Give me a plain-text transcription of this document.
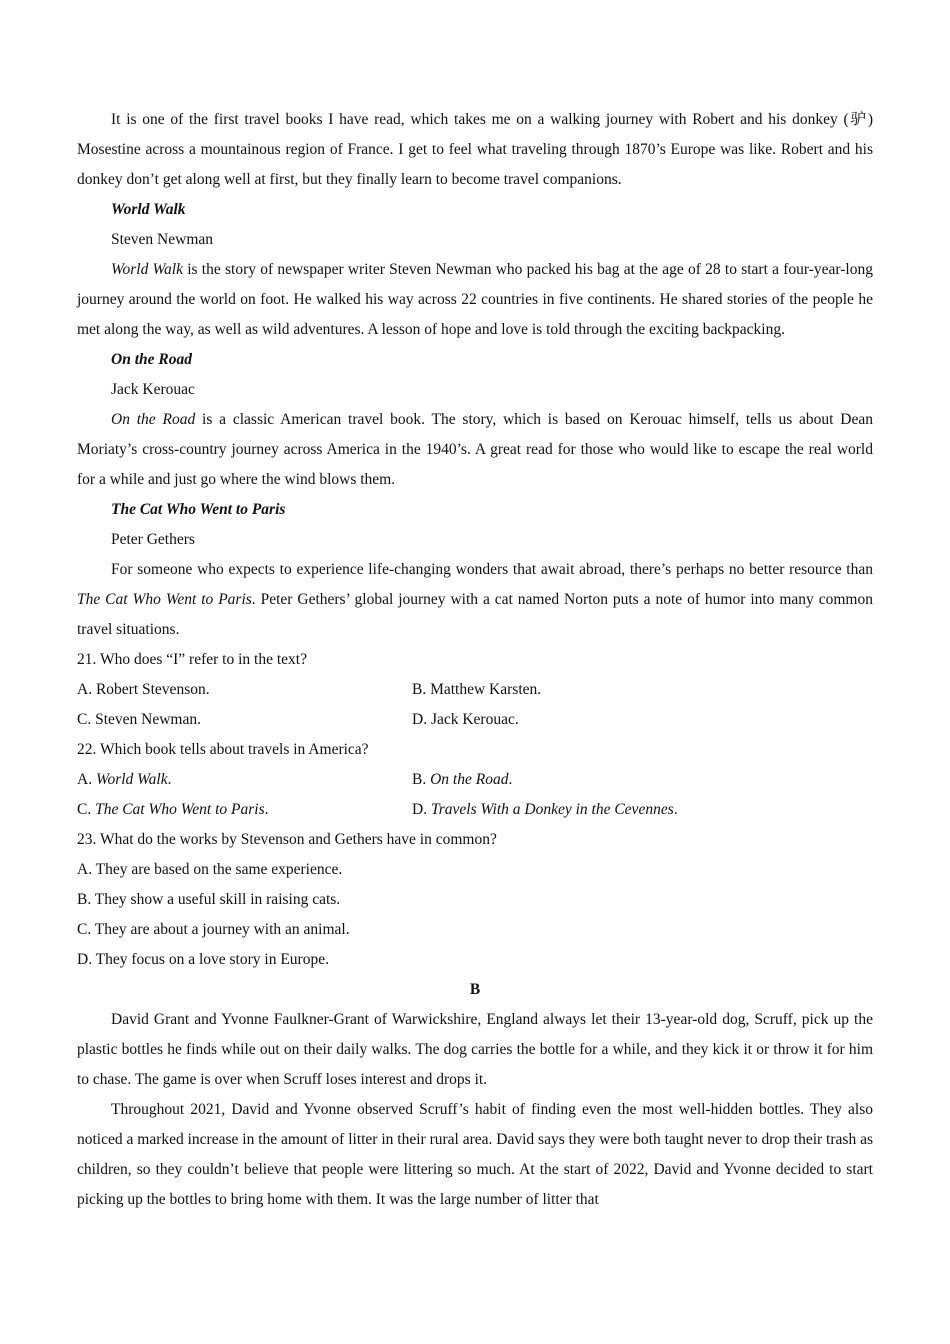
It is one of the first travel books I have read, which takes me on a walking journey with Robert and his donkey (驴) Mosestine across a mountainous region of France. I get to feel what traveling through 1870’s Europe was like. Robert and his donkey don’t get along well at first, but they finally learn to become travel companions.

World Walk

Steven Newman

World Walk is the story of newspaper writer Steven Newman who packed his bag at the age of 28 to start a four-year-long journey around the world on foot. He walked his way across 22 countries in five continents. He shared stories of the people he met along the way, as well as wild adventures. A lesson of hope and love is told through the exciting backpacking.

On the Road

Jack Kerouac

On the Road is a classic American travel book. The story, which is based on Kerouac himself, tells us about Dean Moriaty’s cross-country journey across America in the 1940’s. A great read for those who would like to escape the real world for a while and just go where the wind blows them.

The Cat Who Went to Paris

Peter Gethers

For someone who expects to experience life-changing wonders that await abroad, there’s perhaps no better resource than The Cat Who Went to Paris. Peter Gethers’ global journey with a cat named Norton puts a note of humor into many common travel situations.

21. Who does “I” refer to in the text?

A. Robert Stevenson.	B. Matthew Karsten.
C. Steven Newman.	D. Jack Kerouac.

22. Which book tells about travels in America?

A. World Walk.	B. On the Road.
C. The Cat Who Went to Paris.	D. Travels With a Donkey in the Cevennes.

23. What do the works by Stevenson and Gethers have in common?

A. They are based on the same experience.

B. They show a useful skill in raising cats.

C. They are about a journey with an animal.

D. They focus on a love story in Europe.

B

David Grant and Yvonne Faulkner-Grant of Warwickshire, England always let their 13-year-old dog, Scruff, pick up the plastic bottles he finds while out on their daily walks. The dog carries the bottle for a while, and they kick it or throw it for him to chase. The game is over when Scruff loses interest and drops it.

Throughout 2021, David and Yvonne observed Scruff’s habit of finding even the most well-hidden bottles. They also noticed a marked increase in the amount of litter in their rural area. David says they were both taught never to drop their trash as children, so they couldn’t believe that people were littering so much. At the start of 2022, David and Yvonne decided to start picking up the bottles to bring home with them. It was the large number of litter that
